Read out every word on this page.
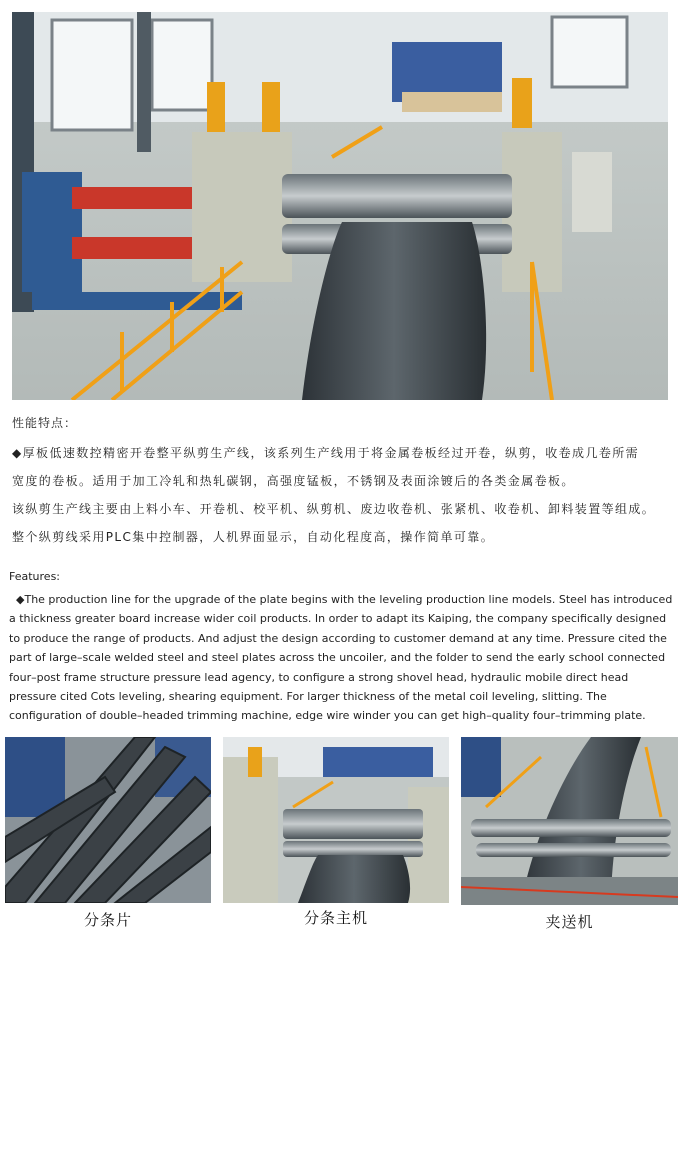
性能特点：

◆厚板低速数控精密开卷整平纵剪生产线，该系列生产线用于将金属卷板经过开卷，纵剪，收卷成几卷所需

宽度的卷板。适用于加工冷轧和热轧碳钢，高强度锰板，不锈钢及表面涂镀后的各类金属卷板。

该纵剪生产线主要由上料小车、开卷机、校平机、纵剪机、废边收卷机、张紧机、收卷机、卸料装置等组成。

整个纵剪线采用PLC集中控制器，人机界面显示，自动化程度高，操作简单可靠。

Features:

◆The production line for the upgrade of the plate begins with the leveling production line models. Steel has introduced a thickness greater board increase wider coil products. In order to adapt its Kaiping, the company specifically designed to produce the range of products. And adjust the design according to customer demand at any time. Pressure cited the part of large–scale welded steel and steel plates across the uncoiler, and the folder to send the early school connected four–post frame structure pressure lead agency, to configure a strong shovel head, hydraulic mobile direct head pressure cited Cots leveling, shearing equipment. For larger thickness of the metal coil leveling, slitting. The configuration of double–headed trimming machine, edge wire winder you can get high–quality four–trimming plate.

分条片	分条主机	夹送机
